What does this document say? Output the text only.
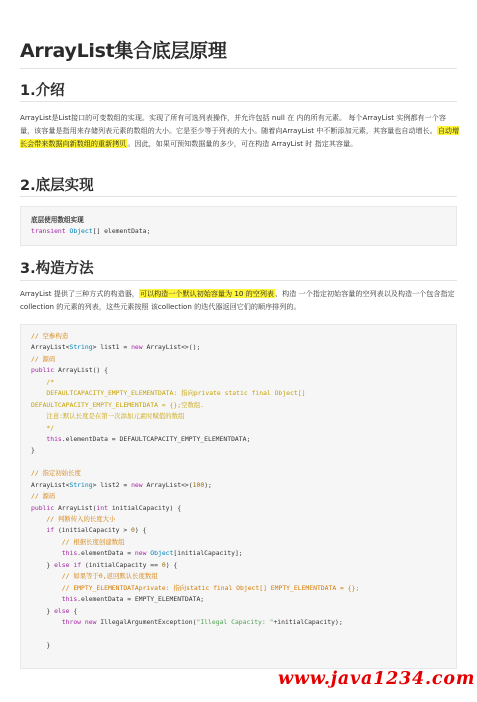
ArrayList集合底层原理
1.介绍

ArrayList是List接口的可变数组的实现。实现了所有可选列表操作，并允许包括 null 在 内的所有元素。 每个ArrayList 实例都有一个容量，该容量是指用来存储列表元素的数组的大小。它是至少等于列表的大小。随着向ArrayList 中不断添加元素，其容量也自动增长。自动增长会带来数据向新数组的重新拷贝。因此，如果可预知数据量的多少，可在构造 ArrayList 时 指定其容量。

2.底层实现
底层使用数组实现
transient Object[] elementData;
3.构造方法

ArrayList 提供了三种方式的构造器，可以构造一个默认初始容量为 10 的空列表、构造 一个指定初始容量的空列表以及构造一个包含指定 collection 的元素的列表，这些元素按照 该collection 的迭代器返回它们的顺序排列的。

// 空参构造
ArrayList<String> list1 = new ArrayList<>();
// 源码
public ArrayList() {
/*
DEFAULTCAPACITY_EMPTY_ELEMENTDATA: 指向private static final Object[]
DEFAULTCAPACITY_EMPTY_ELEMENTDATA = {};空数组.
注意:默认长度是在第一次添加元素时赋值的数组
*/
this.elementData = DEFAULTCAPACITY_EMPTY_ELEMENTDATA;
}

// 指定初始长度
ArrayList<String> list2 = new ArrayList<>(100);
// 源码
public ArrayList(int initialCapacity) {
// 判断传入的长度大小
if (initialCapacity > 0) {
// 根据长度创建数组
this.elementData = new Object[initialCapacity];
} else if (initialCapacity == 0) {
// 如果等于0,返回默认长度数组
// EMPTY_ELEMENTDATAprivate: 指向static final Object[] EMPTY_ELEMENTDATA = {};
this.elementData = EMPTY_ELEMENTDATA;
} else {
throw new IllegalArgumentException("Illegal Capacity: "+initialCapacity);

}
www.java1234.com
